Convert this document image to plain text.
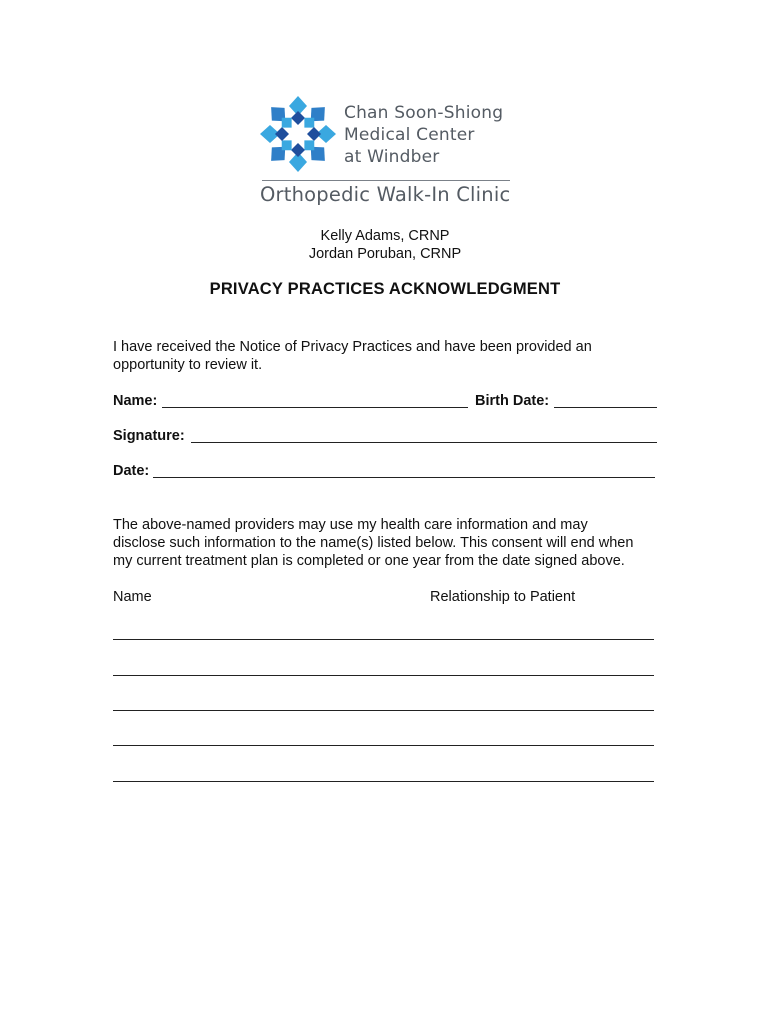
Chan Soon-Shiong
Medical Center
at Windber
Orthopedic Walk-In Clinic
Kelly Adams, CRNP
Jordan Poruban, CRNP
PRIVACY PRACTICES ACKNOWLEDGMENT
I have received the Notice of Privacy Practices and have been provided an
opportunity to review it.
Name:	Birth Date:
Signature:
Date:
The above-named providers may use my health care information and may
disclose such information to the name(s) listed below. This consent will end when
my current treatment plan is completed or one year from the date signed above.
Name	Relationship to Patient
